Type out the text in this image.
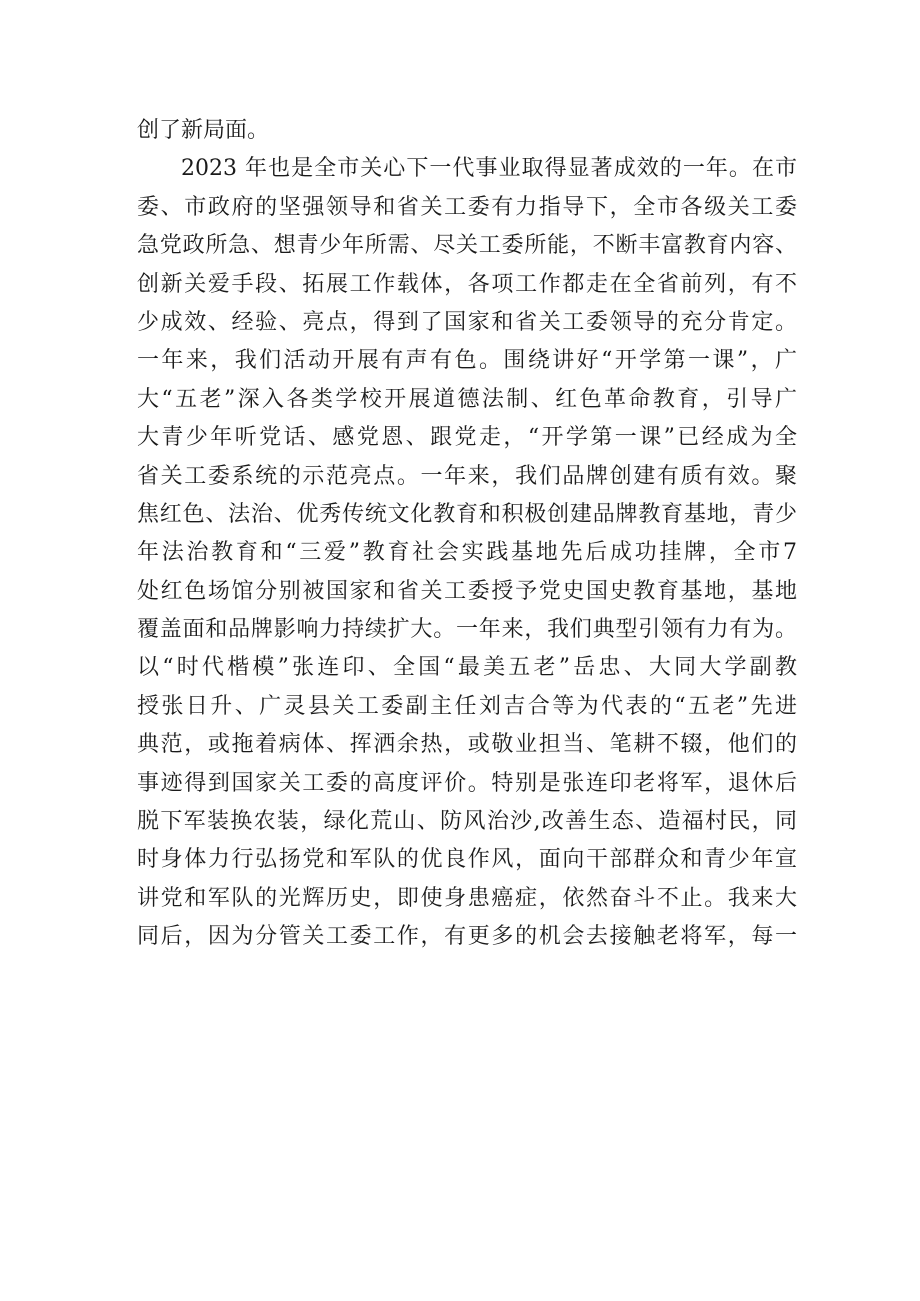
创了新局面。
2023 年也是全市关心下一代事业取得显著成效的一年。在市
委、市政府的坚强领导和省关工委有力指导下，全市各级关工委
急党政所急、想青少年所需、尽关工委所能，不断丰富教育内容、
创新关爱手段、拓展工作载体，各项工作都走在全省前列，有不
少成效、经验、亮点，得到了国家和省关工委领导的充分肯定。
一年来，我们活动开展有声有色。围绕讲好“开学第一课”，广
大“五老”深入各类学校开展道德法制、红色革命教育，引导广
大青少年听党话、感党恩、跟党走，“开学第一课”已经成为全
省关工委系统的示范亮点。一年来，我们品牌创建有质有效。聚
焦红色、法治、优秀传统文化教育和积极创建品牌教育基地，青少
年法治教育和“三爱”教育社会实践基地先后成功挂牌，全市7
处红色场馆分别被国家和省关工委授予党史国史教育基地，基地
覆盖面和品牌影响力持续扩大。一年来，我们典型引领有力有为。
以“时代楷模”张连印、全国“最美五老”岳忠、大同大学副教
授张日升、广灵县关工委副主任刘吉合等为代表的“五老”先进
典范，或拖着病体、挥洒余热，或敬业担当、笔耕不辍，他们的
事迹得到国家关工委的高度评价。特别是张连印老将军，退休后
脱下军装换农装，绿化荒山、防风治沙,改善生态、造福村民，同
时身体力行弘扬党和军队的优良作风，面向干部群众和青少年宣
讲党和军队的光辉历史，即使身患癌症，依然奋斗不止。我来大
同后，因为分管关工委工作，有更多的机会去接触老将军，每一
